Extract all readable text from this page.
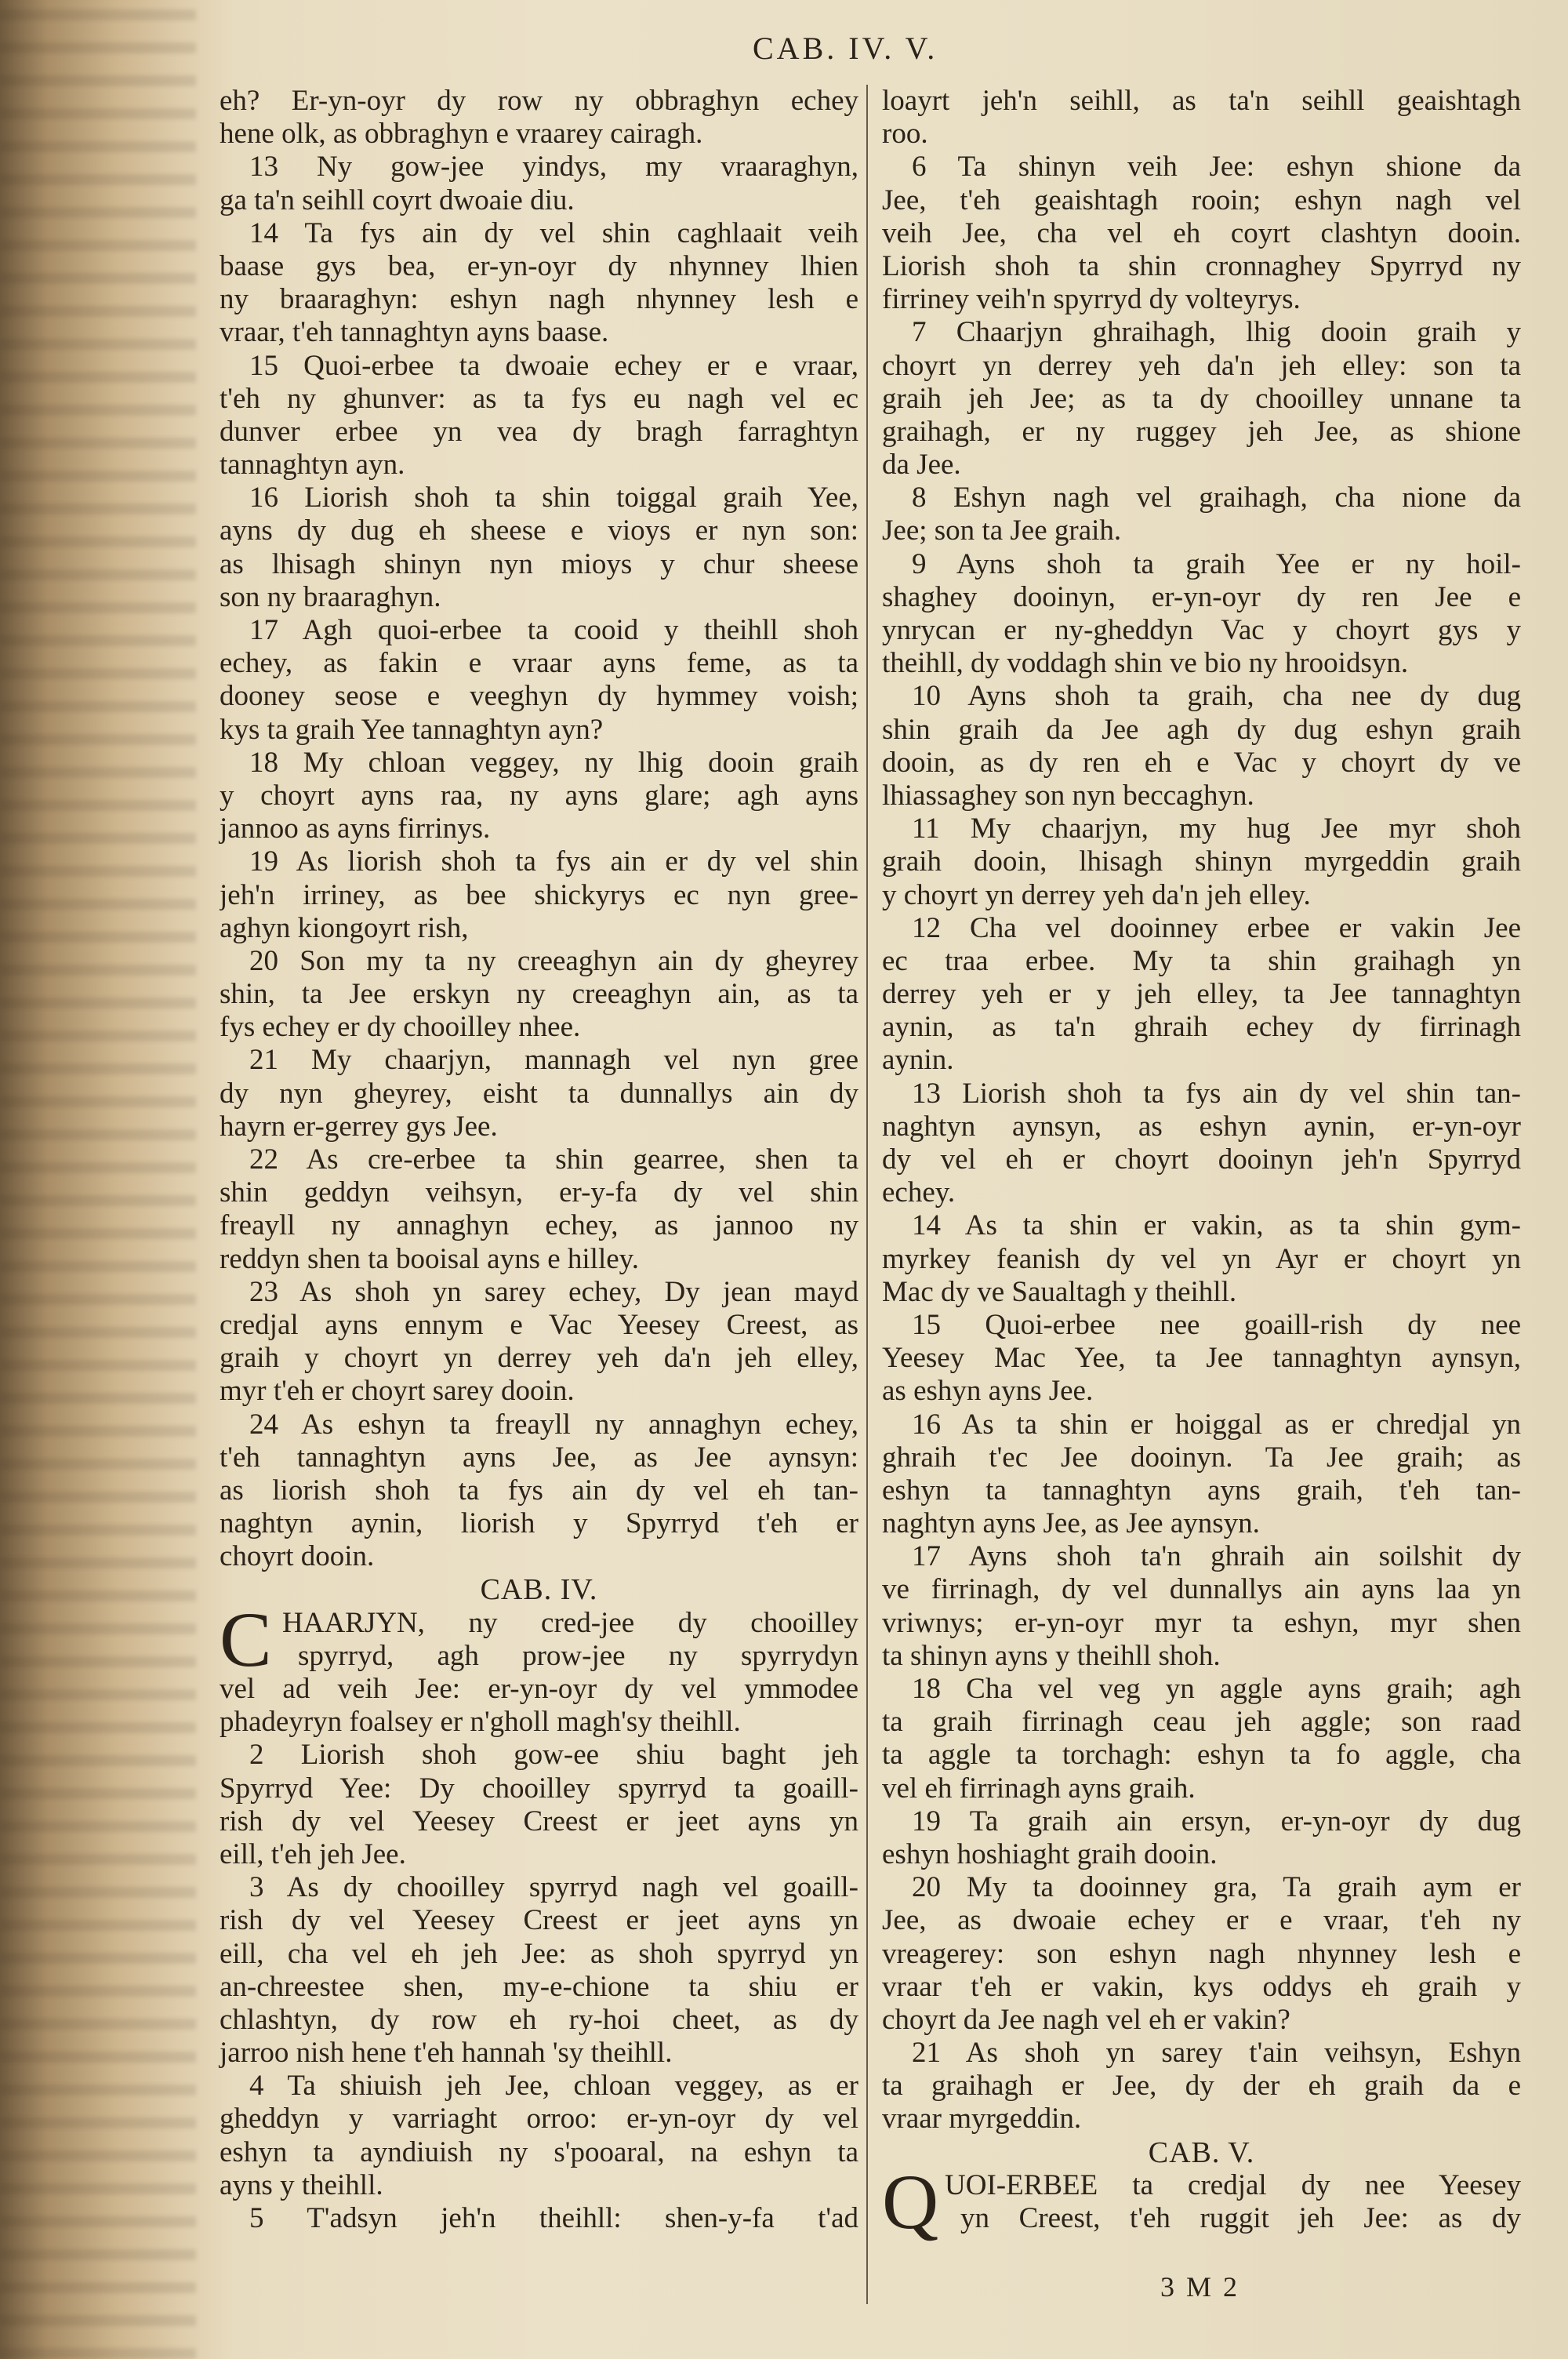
CAB. IV. V.
eh? Er-yn-oyr dy row ny obbraghyn echey
hene olk, as obbraghyn e vraarey cairagh.
13 Ny gow-jee yindys, my vraaraghyn,
ga ta'n seihll coyrt dwoaie diu.
14 Ta fys ain dy vel shin caghlaait veih
baase gys bea, er-yn-oyr dy nhynney lhien
ny braaraghyn: eshyn nagh nhynney lesh e
vraar, t'eh tannaghtyn ayns baase.
15 Quoi-erbee ta dwoaie echey er e vraar,
t'eh ny ghunver: as ta fys eu nagh vel ec
dunver erbee yn vea dy bragh farraghtyn
tannaghtyn ayn.
16 Liorish shoh ta shin toiggal graih Yee,
ayns dy dug eh sheese e vioys er nyn son:
as lhisagh shinyn nyn mioys y chur sheese
son ny braaraghyn.
17 Agh quoi-erbee ta cooid y theihll shoh
echey, as fakin e vraar ayns feme, as ta
dooney seose e veeghyn dy hymmey voish;
kys ta graih Yee tannaghtyn ayn?
18 My chloan veggey, ny lhig dooin graih
y choyrt ayns raa, ny ayns glare; agh ayns
jannoo as ayns firrinys.
19 As liorish shoh ta fys ain er dy vel shin
jeh'n irriney, as bee shickyrys ec nyn gree-
aghyn kiongoyrt rish,
20 Son my ta ny creeaghyn ain dy gheyrey
shin, ta Jee erskyn ny creeaghyn ain, as ta
fys echey er dy chooilley nhee.
21 My chaarjyn, mannagh vel nyn gree
dy nyn gheyrey, eisht ta dunnallys ain dy
hayrn er-gerrey gys Jee.
22 As cre-erbee ta shin gearree, shen ta
shin geddyn veihsyn, er-y-fa dy vel shin
freayll ny annaghyn echey, as jannoo ny
reddyn shen ta booisal ayns e hilley.
23 As shoh yn sarey echey, Dy jean mayd
credjal ayns ennym e Vac Yeesey Creest, as
graih y choyrt yn derrey yeh da'n jeh elley,
myr t'eh er choyrt sarey dooin.
24 As eshyn ta freayll ny annaghyn echey,
t'eh tannaghtyn ayns Jee, as Jee aynsyn:
as liorish shoh ta fys ain dy vel eh tan-
naghtyn aynin, liorish y Spyrryd t'eh er
choyrt dooin.
CAB. IV.
C HAARJYN, ny cred-jee dy chooilley
spyrryd, agh prow-jee ny spyrrydyn
vel ad veih Jee: er-yn-oyr dy vel ymmodee
phadeyryn foalsey er n'gholl magh'sy theihll.
2 Liorish shoh gow-ee shiu baght jeh
Spyrryd Yee: Dy chooilley spyrryd ta goaill-
rish dy vel Yeesey Creest er jeet ayns yn
eill, t'eh jeh Jee.
3 As dy chooilley spyrryd nagh vel goaill-
rish dy vel Yeesey Creest er jeet ayns yn
eill, cha vel eh jeh Jee: as shoh spyrryd yn
an-chreestee shen, my-e-chione ta shiu er
chlashtyn, dy row eh ry-hoi cheet, as dy
jarroo nish hene t'eh hannah 'sy theihll.
4 Ta shiuish jeh Jee, chloan veggey, as er
gheddyn y varriaght orroo: er-yn-oyr dy vel
eshyn ta ayndiuish ny s'pooaral, na eshyn ta
ayns y theihll.
5 T'adsyn jeh'n theihll: shen-y-fa t'ad
loayrt jeh'n seihll, as ta'n seihll geaishtagh
roo.
6 Ta shinyn veih Jee: eshyn shione da
Jee, t'eh geaishtagh rooin; eshyn nagh vel
veih Jee, cha vel eh coyrt clashtyn dooin.
Liorish shoh ta shin cronnaghey Spyrryd ny
firriney veih'n spyrryd dy volteyrys.
7 Chaarjyn ghraihagh, lhig dooin graih y
choyrt yn derrey yeh da'n jeh elley: son ta
graih jeh Jee; as ta dy chooilley unnane ta
graihagh, er ny ruggey jeh Jee, as shione
da Jee.
8 Eshyn nagh vel graihagh, cha nione da
Jee; son ta Jee graih.
9 Ayns shoh ta graih Yee er ny hoil-
shaghey dooinyn, er-yn-oyr dy ren Jee e
ynrycan er ny-gheddyn Vac y choyrt gys y
theihll, dy voddagh shin ve bio ny hrooidsyn.
10 Ayns shoh ta graih, cha nee dy dug
shin graih da Jee agh dy dug eshyn graih
dooin, as dy ren eh e Vac y choyrt dy ve
lhiassaghey son nyn beccaghyn.
11 My chaarjyn, my hug Jee myr shoh
graih dooin, lhisagh shinyn myrgeddin graih
y choyrt yn derrey yeh da'n jeh elley.
12 Cha vel dooinney erbee er vakin Jee
ec traa erbee. My ta shin graihagh yn
derrey yeh er y jeh elley, ta Jee tannaghtyn
aynin, as ta'n ghraih echey dy firrinagh
aynin.
13 Liorish shoh ta fys ain dy vel shin tan-
naghtyn aynsyn, as eshyn aynin, er-yn-oyr
dy vel eh er choyrt dooinyn jeh'n Spyrryd
echey.
14 As ta shin er vakin, as ta shin gym-
myrkey feanish dy vel yn Ayr er choyrt yn
Mac dy ve Saualtagh y theihll.
15 Quoi-erbee nee goaill-rish dy nee
Yeesey Mac Yee, ta Jee tannaghtyn aynsyn,
as eshyn ayns Jee.
16 As ta shin er hoiggal as er chredjal yn
ghraih t'ec Jee dooinyn. Ta Jee graih; as
eshyn ta tannaghtyn ayns graih, t'eh tan-
naghtyn ayns Jee, as Jee aynsyn.
17 Ayns shoh ta'n ghraih ain soilshit dy
ve firrinagh, dy vel dunnallys ain ayns laa yn
vriwnys; er-yn-oyr myr ta eshyn, myr shen
ta shinyn ayns y theihll shoh.
18 Cha vel veg yn aggle ayns graih; agh
ta graih firrinagh ceau jeh aggle; son raad
ta aggle ta torchagh: eshyn ta fo aggle, cha
vel eh firrinagh ayns graih.
19 Ta graih ain ersyn, er-yn-oyr dy dug
eshyn hoshiaght graih dooin.
20 My ta dooinney gra, Ta graih aym er
Jee, as dwoaie echey er e vraar, t'eh ny
vreagerey: son eshyn nagh nhynney lesh e
vraar t'eh er vakin, kys oddys eh graih y
choyrt da Jee nagh vel eh er vakin?
21 As shoh yn sarey t'ain veihsyn, Eshyn
ta graihagh er Jee, dy der eh graih da e
vraar myrgeddin.
CAB. V.
Q UOI-ERBEE ta credjal dy nee Yeesey
yn Creest, t'eh ruggit jeh Jee: as dy
3 M 2
